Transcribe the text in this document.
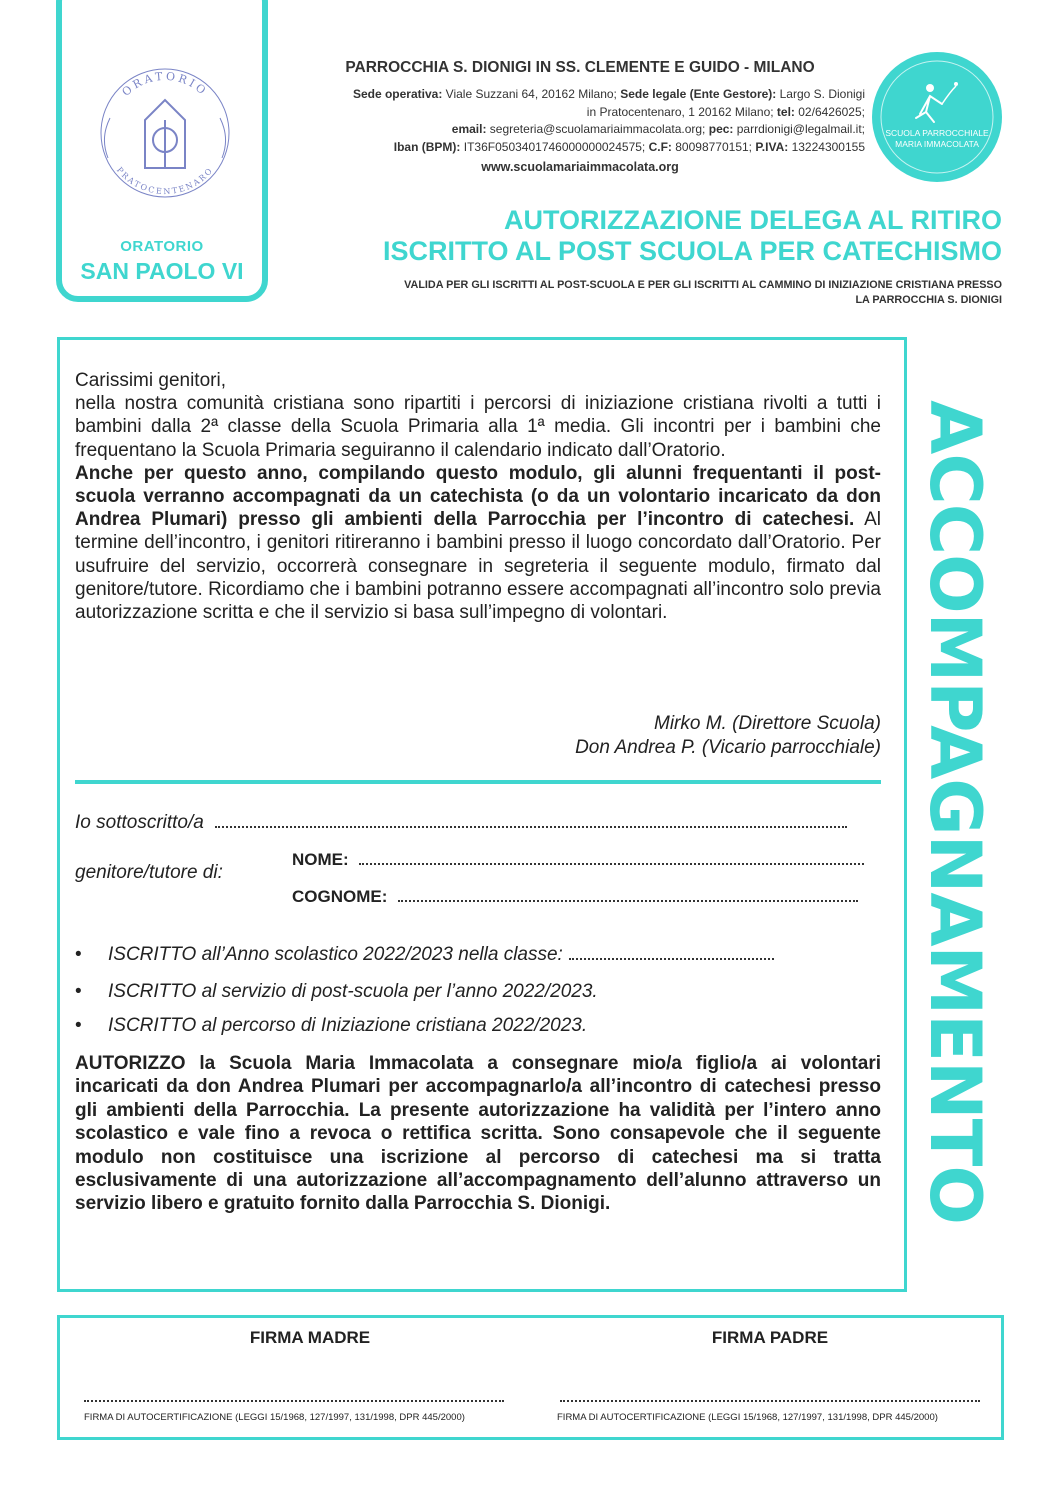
ORATORIO
PRATOCENTENARO
ORATORIO
SAN PAOLO VI
PARROCCHIA S. DIONIGI IN SS. CLEMENTE E GUIDO - MILANO
Sede operativa: Viale Suzzani 64, 20162 Milano; Sede legale (Ente Gestore): Largo S. Dionigi
in Pratocentenaro, 1 20162 Milano; tel: 02/6426025;
email: segreteria@scuolamariaimmacolata.org; pec: parrdionigi@legalmail.it;
Iban (BPM): IT36F0503401746000000024575; C.F: 80098770151; P.IVA: 13224300155
www.scuolamariaimmacolata.org
SCUOLA PARROCCHIALE
MARIA IMMACOLATA
AUTORIZZAZIONE DELEGA AL RITIRO
ISCRITTO AL POST SCUOLA PER CATECHISMO
VALIDA PER GLI ISCRITTI AL POST-SCUOLA E PER GLI ISCRITTI AL CAMMINO DI INIZIAZIONE CRISTIANA PRESSO
LA PARROCCHIA S. DIONIGI

Carissimi genitori,

nella nostra comunità cristiana sono ripartiti i percorsi di iniziazione cristiana rivolti a tutti i bambini dalla 2ª classe della Scuola Primaria alla 1ª media. Gli incontri per i bambini che frequentano la Scuola Primaria seguiranno il calendario indicato dall’Oratorio.

Anche per questo anno, compilando questo modulo, gli alunni frequentanti il post-scuola verranno accompagnati da un catechista (o da un volontario incaricato da don Andrea Plumari) presso gli ambienti della Parrocchia per l’incontro di catechesi. Al termine dell’incontro, i genitori ritireranno i bambini presso il luogo concordato dall’Oratorio. Per usufruire del servizio, occorrerà consegnare in segreteria il seguente modulo, firmato dal genitore/tutore. Ricordiamo che i bambini potranno essere accompagnati all’incontro solo previa autorizzazione scritta e che il servizio si basa sull’impegno di volontari.

Mirko M. (Direttore Scuola)
Don Andrea P. (Vicario parrocchiale)
Io sottoscritto/a
genitore/tutore di:
NOME:
COGNOME:
• ISCRITTO all’Anno scolastico 2022/2023 nella classe:
• ISCRITTO al servizio di post-scuola per l’anno 2022/2023.
• ISCRITTO al percorso di Iniziazione cristiana 2022/2023.
AUTORIZZO la Scuola Maria Immacolata a consegnare mio/a figlio/a ai volontari incaricati da don Andrea Plumari per accompagnarlo/a all’incontro di catechesi presso gli ambienti della Parrocchia. La presente autorizzazione ha validità per l’intero anno scolastico e vale fino a revoca o rettifica scritta. Sono consapevole che il seguente modulo non costituisce una iscrizione al percorso di catechesi ma si tratta esclusivamente di una autorizzazione all’accompagnamento dell’alunno attraverso un servizio libero e gratuito fornito dalla Parrocchia S. Dionigi.	ACCOMPAGNAMENTO
FIRMA MADRE	FIRMA PADRE
FIRMA DI AUTOCERTIFICAZIONE (LEGGI 15/1968, 127/1997, 131/1998, DPR 445/2000)	FIRMA DI AUTOCERTIFICAZIONE (LEGGI 15/1968, 127/1997, 131/1998, DPR 445/2000)
